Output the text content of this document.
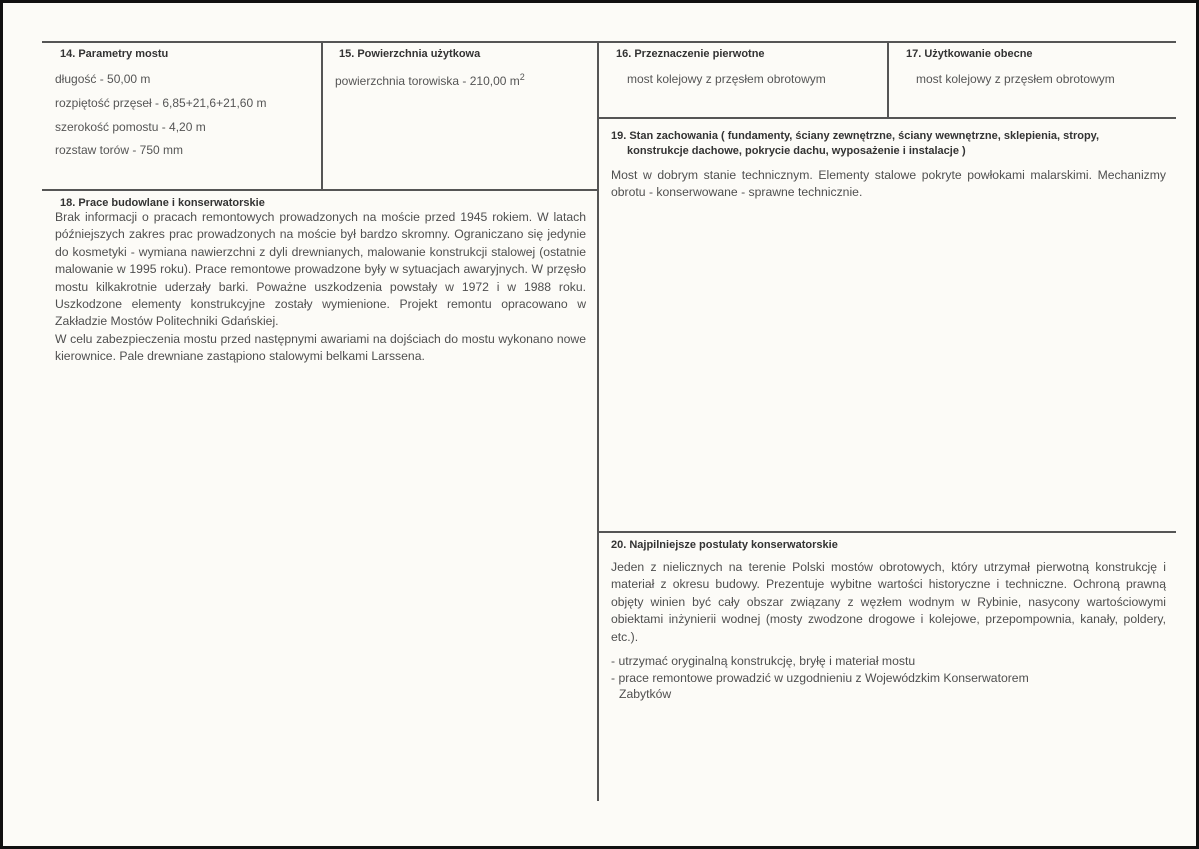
14. Parametry mostu
długość - 50,00 m
rozpiętość przęseł - 6,85+21,6+21,60 m
szerokość pomostu - 4,20 m
rozstaw torów - 750 mm
15. Powierzchnia użytkowa
powierzchnia torowiska - 210,00 $m^2$
16. Przeznaczenie pierwotne
most kolejowy z przęsłem obrotowym
17. Użytkowanie obecne
most kolejowy z przęsłem obrotowym
19. Stan zachowania ( fundamenty, ściany zewnętrzne, ściany wewnętrzne, sklepienia, stropy,
konstrukcje dachowe, pokrycie dachu, wyposażenie i instalacje )

Most w dobrym stanie technicznym. Elementy stalowe pokryte powłokami malarskimi. Mechanizmy obrotu - konserwowane - sprawne technicznie.

18. Prace budowlane i konserwatorskie

Brak informacji o pracach remontowych prowadzonych na moście przed 1945 rokiem. W latach późniejszych zakres prac prowadzonych na moście był bardzo skromny. Ograniczano się jedynie do kosmetyki - wymiana nawierzchni z dyli drewnianych, malowanie konstrukcji stalowej (ostatnie malowanie w 1995 roku). Prace remontowe prowadzone były w sytuacjach awaryjnych. W przęsło mostu kilkakrotnie uderzały barki. Poważne uszkodzenia powstały w 1972 i w 1988 roku. Uszkodzone elementy konstrukcyjne zostały wymienione. Projekt remontu opracowano w Zakładzie Mostów Politechniki Gdańskiej.

W celu zabezpieczenia mostu przed następnymi awariami na dojściach do mostu wykonano nowe kierownice. Pale drewniane zastąpiono stalowymi belkami Larssena.

20. Najpilniejsze postulaty konserwatorskie

Jeden z nielicznych na terenie Polski mostów obrotowych, który utrzymał pierwotną konstrukcję i materiał z okresu budowy. Prezentuje wybitne wartości historyczne i techniczne. Ochroną prawną objęty winien być cały obszar związany z węzłem wodnym w Rybinie, nasycony wartościowymi obiektami inżynierii wodnej (mosty zwodzone drogowe i kolejowe, przepompownia, kanały, poldery, etc.).

- utrzymać oryginalną konstrukcję, bryłę i materiał mostu
- prace remontowe prowadzić w uzgodnieniu z Wojewódzkim Konserwatorem
Zabytków
